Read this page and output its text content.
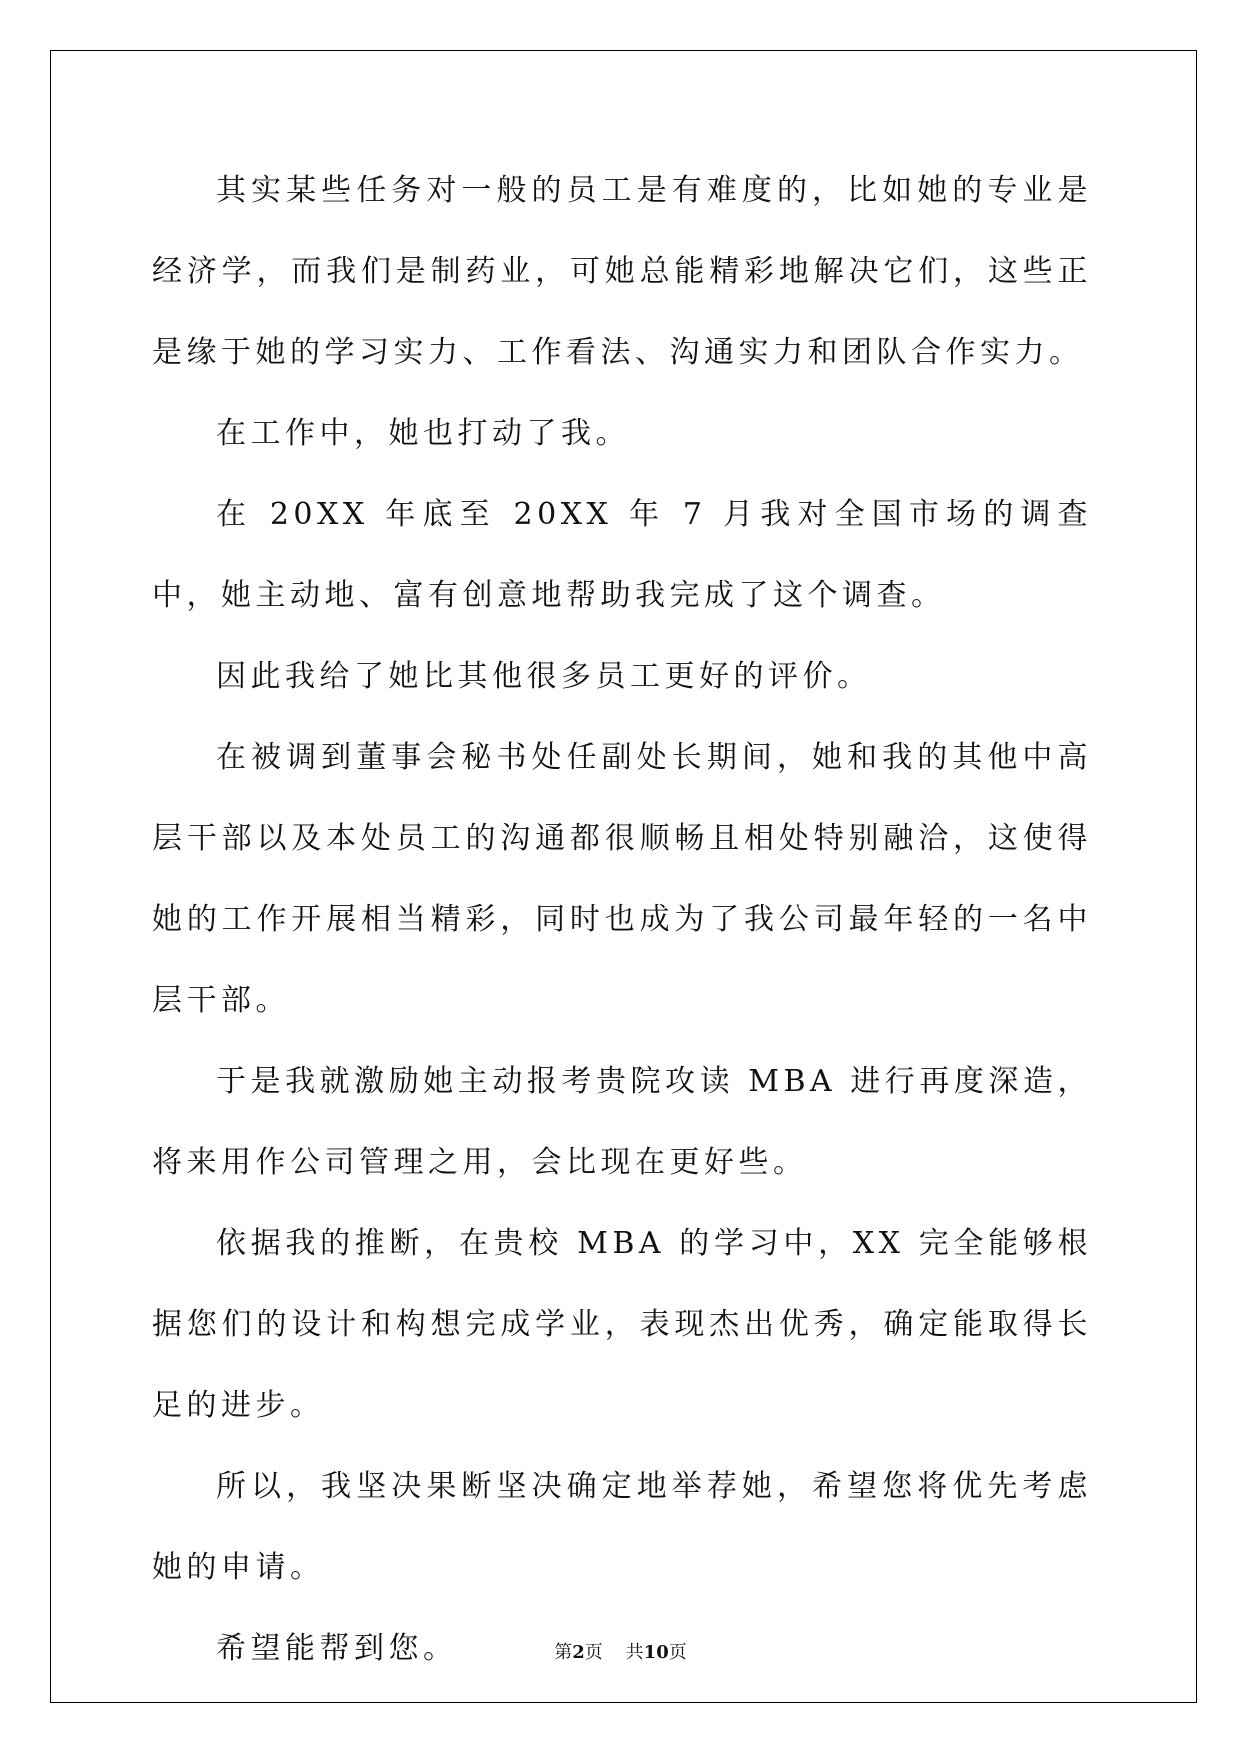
其实某些任务对一般的员工是有难度的，比如她的专业是经济学，而我们是制药业，可她总能精彩地解决它们，这些正是缘于她的学习实力、工作看法、沟通实力和团队合作实力。

在工作中，她也打动了我。

在 20XX 年底至 20XX 年 7 月我对全国市场的调查中，她主动地、富有创意地帮助我完成了这个调查。

因此我给了她比其他很多员工更好的评价。

在被调到董事会秘书处任副处长期间，她和我的其他中高层干部以及本处员工的沟通都很顺畅且相处特别融洽，这使得她的工作开展相当精彩，同时也成为了我公司最年轻的一名中层干部。

于是我就激励她主动报考贵院攻读 MBA 进行再度深造，将来用作公司管理之用，会比现在更好些。

依据我的推断，在贵校 MBA 的学习中，XX 完全能够根据您们的设计和构想完成学业，表现杰出优秀，确定能取得长足的进步。

所以，我坚决果断坚决确定地举荐她，希望您将优先考虑她的申请。

希望能帮到您。	第2页 共10页
